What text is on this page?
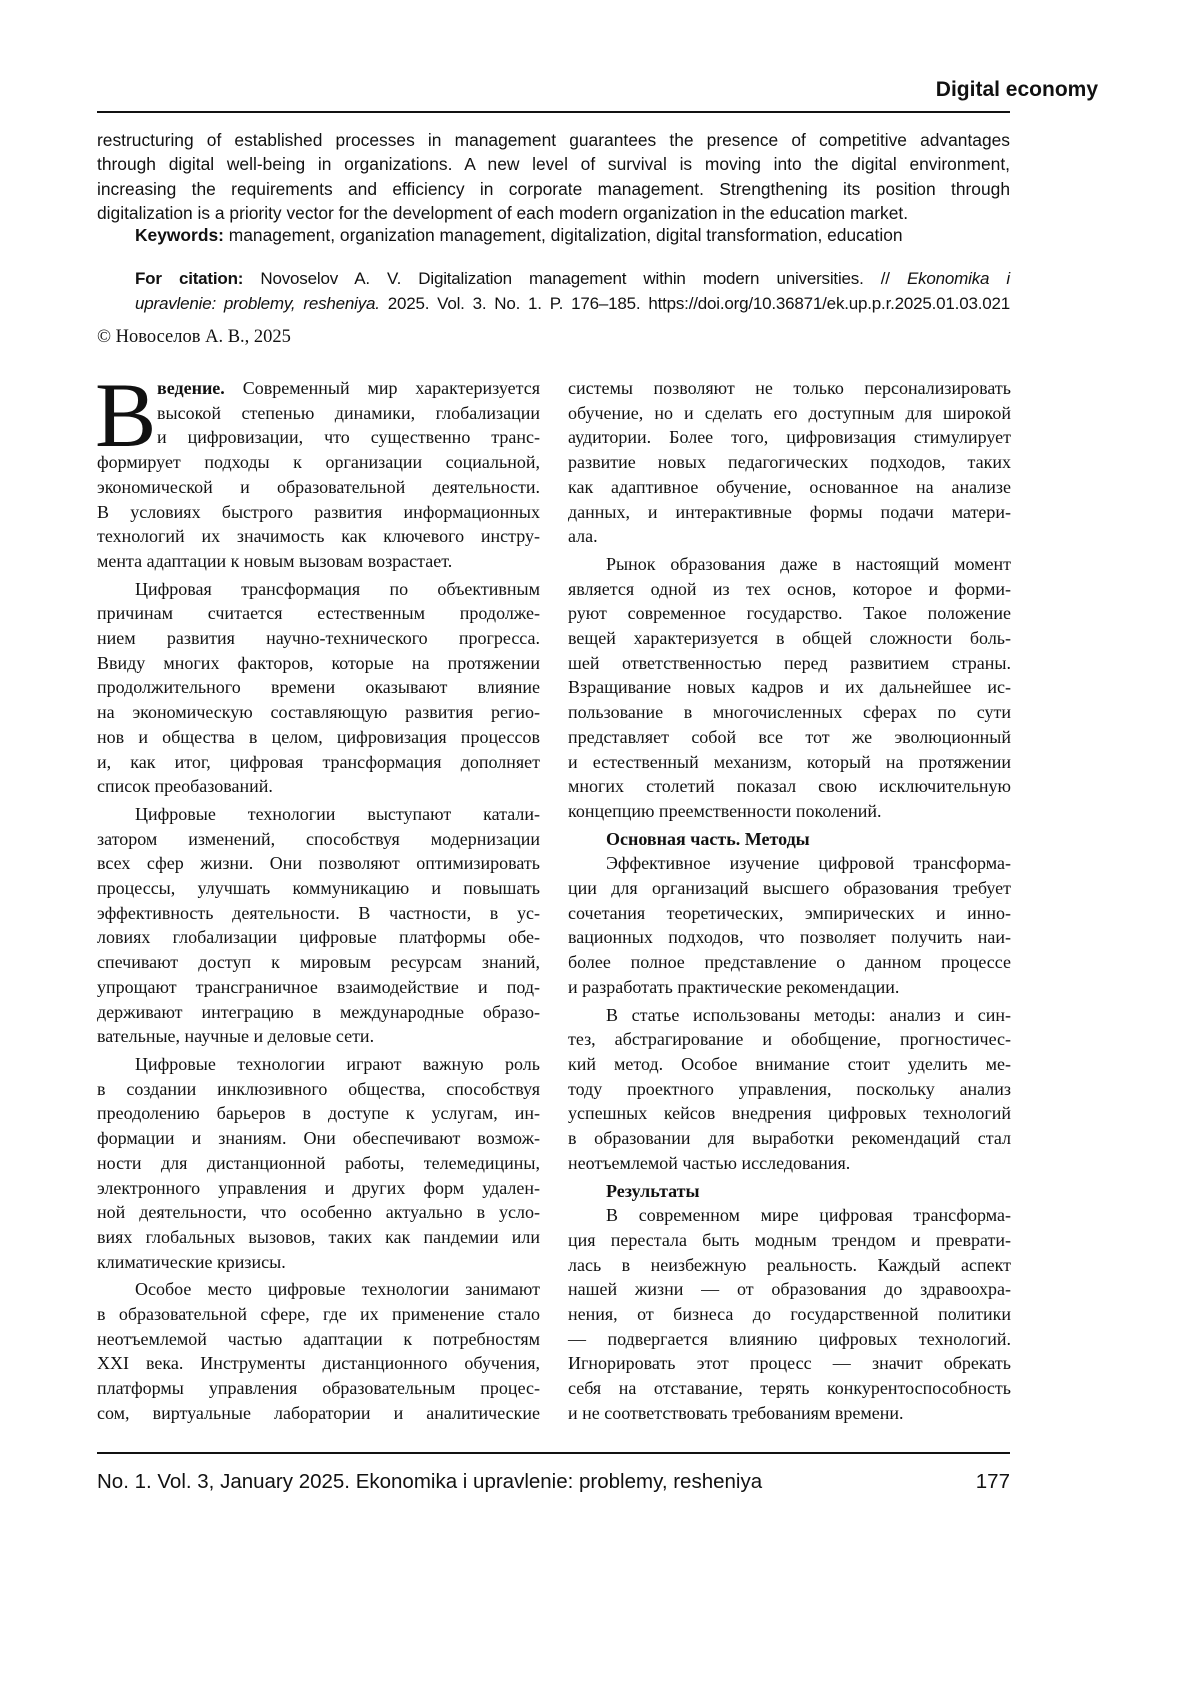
Digital economy
restructuring of established processes in management guarantees the presence of competitive advantages
through digital well-being in organizations. A new level of survival is moving into the digital environment,
increasing the requirements and efficiency in corporate management. Strengthening its position through
digitalization is a priority vector for the development of each modern organization in the education market.
Keywords: management, organization management, digitalization, digital transformation, education
For citation: Novoselov A. V. Digitalization management within modern universities. // Ekonomika i
upravlenie: problemy, resheniya. 2025. Vol. 3. No. 1. P. 176–185. https://doi.org/10.36871/ek.up.p.r.2025.01.03.021
© Новоселов А. В., 2025
В ведение. Современный мир характеризуется
высокой степенью динамики, глобализации
и цифровизации, что существенно транс-
формирует подходы к организации социальной,
экономической и образовательной деятельности.
В условиях быстрого развития информационных
технологий их значимость как ключевого инстру-
мента адаптации к новым вызовам возрастает.
Цифровая трансформация по объективным
причинам считается естественным продолже-
нием развития научно-технического прогресса.
Ввиду многих факторов, которые на протяжении
продолжительного времени оказывают влияние
на экономическую составляющую развития регио-
нов и общества в целом, цифровизация процессов
и, как итог, цифровая трансформация дополняет
список преобазований.
Цифровые технологии выступают катали-
затором изменений, способствуя модернизации
всех сфер жизни. Они позволяют оптимизировать
процессы, улучшать коммуникацию и повышать
эффективность деятельности. В частности, в ус-
ловиях глобализации цифровые платформы обе-
спечивают доступ к мировым ресурсам знаний,
упрощают трансграничное взаимодействие и под-
держивают интеграцию в международные образо-
вательные, научные и деловые сети.
Цифровые технологии играют важную роль
в создании инклюзивного общества, способствуя
преодолению барьеров в доступе к услугам, ин-
формации и знаниям. Они обеспечивают возмож-
ности для дистанционной работы, телемедицины,
электронного управления и других форм удален-
ной деятельности, что особенно актуально в усло-
виях глобальных вызовов, таких как пандемии или
климатические кризисы.
Особое место цифровые технологии занимают
в образовательной сфере, где их применение стало
неотъемлемой частью адаптации к потребностям
XXI века. Инструменты дистанционного обучения,
платформы управления образовательным процес-
сом, виртуальные лаборатории и аналитические
системы позволяют не только персонализировать
обучение, но и сделать его доступным для широкой
аудитории. Более того, цифровизация стимулирует
развитие новых педагогических подходов, таких
как адаптивное обучение, основанное на анализе
данных, и интерактивные формы подачи матери-
ала.
Рынок образования даже в настоящий момент
является одной из тех основ, которое и форми-
руют современное государство. Такое положение
вещей характеризуется в общей сложности боль-
шей ответственностью перед развитием страны.
Взращивание новых кадров и их дальнейшее ис-
пользование в многочисленных сферах по сути
представляет собой все тот же эволюционный
и естественный механизм, который на протяжении
многих столетий показал свою исключительную
концепцию преемственности поколений.
Основная часть. Методы
Эффективное изучение цифровой трансформа-
ции для организаций высшего образования требует
сочетания теоретических, эмпирических и инно-
вационных подходов, что позволяет получить наи-
более полное представление о данном процессе
и разработать практические рекомендации.
В статье использованы методы: анализ и син-
тез, абстрагирование и обобщение, прогностичес-
кий метод. Особое внимание стоит уделить ме-
тоду проектного управления, поскольку анализ
успешных кейсов внедрения цифровых технологий
в образовании для выработки рекомендаций стал
неотъемлемой частью исследования.
Результаты
В современном мире цифровая трансформа-
ция перестала быть модным трендом и преврати-
лась в неизбежную реальность. Каждый аспект
нашей жизни — от образования до здравоохра-
нения, от бизнеса до государственной политики
— подвергается влиянию цифровых технологий.
Игнорировать этот процесс — значит обрекать
себя на отставание, терять конкурентоспособность
и не соответствовать требованиям времени.
No. 1. Vol. 3, January 2025. Ekonomika i upravlenie: problemy, resheniya	177
